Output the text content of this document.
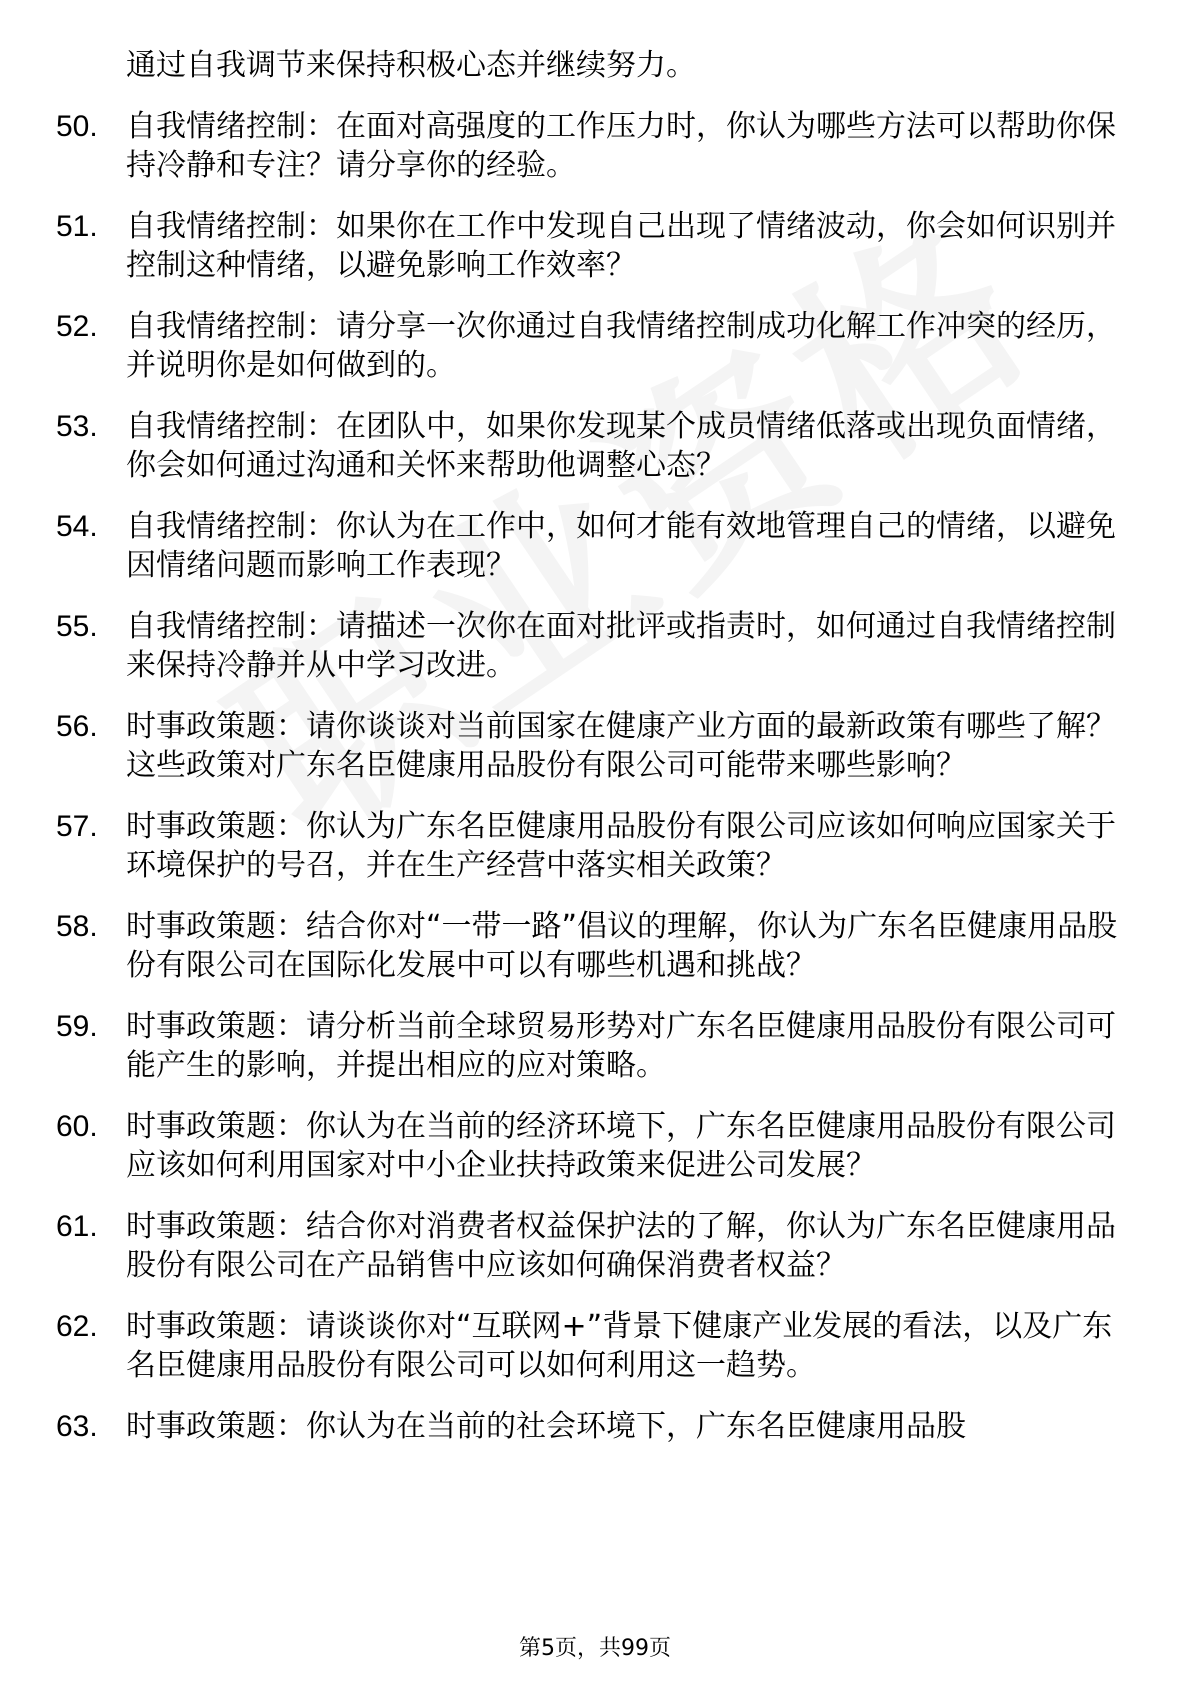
通过自我调节来保持积极心态并继续努力。
50. 自我情绪控制：在面对高强度的工作压力时，你认为哪些方法可以帮助你保持冷静和专注？请分享你的经验。
51. 自我情绪控制：如果你在工作中发现自己出现了情绪波动，你会如何识别并控制这种情绪，以避免影响工作效率？
52. 自我情绪控制：请分享一次你通过自我情绪控制成功化解工作冲突的经历，并说明你是如何做到的。
53. 自我情绪控制：在团队中，如果你发现某个成员情绪低落或出现负面情绪，你会如何通过沟通和关怀来帮助他调整心态？
54. 自我情绪控制：你认为在工作中，如何才能有效地管理自己的情绪，以避免因情绪问题而影响工作表现？
55. 自我情绪控制：请描述一次你在面对批评或指责时，如何通过自我情绪控制来保持冷静并从中学习改进。
56. 时事政策题：请你谈谈对当前国家在健康产业方面的最新政策有哪些了解？这些政策对广东名臣健康用品股份有限公司可能带来哪些影响？
57. 时事政策题：你认为广东名臣健康用品股份有限公司应该如何响应国家关于环境保护的号召，并在生产经营中落实相关政策？
58. 时事政策题：结合你对“一带一路”倡议的理解，你认为广东名臣健康用品股份有限公司在国际化发展中可以有哪些机遇和挑战？
59. 时事政策题：请分析当前全球贸易形势对广东名臣健康用品股份有限公司可能产生的影响，并提出相应的应对策略。
60. 时事政策题：你认为在当前的经济环境下，广东名臣健康用品股份有限公司应该如何利用国家对中小企业扶持政策来促进公司发展？
61. 时事政策题：结合你对消费者权益保护法的了解，你认为广东名臣健康用品股份有限公司在产品销售中应该如何确保消费者权益？
62. 时事政策题：请谈谈你对“互联网+”背景下健康产业发展的看法，以及广东名臣健康用品股份有限公司可以如何利用这一趋势。
63. 时事政策题：你认为在当前的社会环境下，广东名臣健康用品股
第5页，共99页
